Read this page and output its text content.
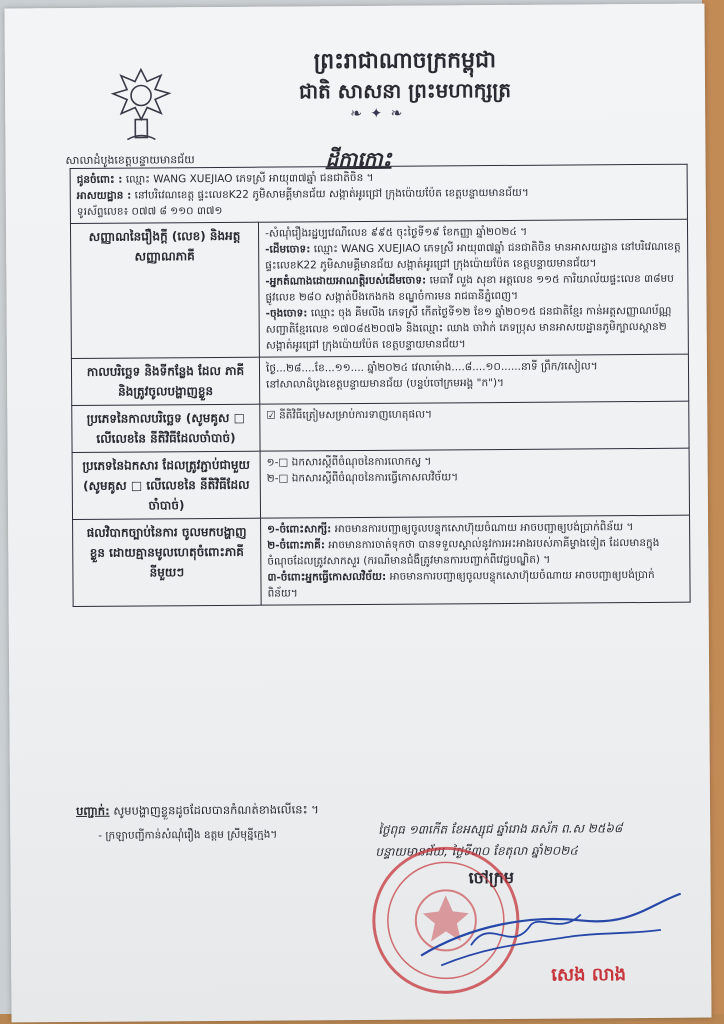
ព្រះរាជាណាចក្រកម្ពុជា
ជាតិ សាសនា ព្រះមហាក្សត្រ
❧ ✦ ❧
សាលាដំបូងខេត្តបន្ទាយមានជ័យ	ដីកាកោះ
ជូនចំពោះ : ឈ្មោះ WANG XUEJIAO ភេទស្រី អាយុ៣៧ឆ្នាំ ជនជាតិចិន ។
អាសយដ្ឋាន : នៅបរិវេណខេត្ត ផ្ទះលេខK22 ភូមិសាមគ្គីមានជ័យ សង្កាត់អូរជ្រៅ ក្រុងប៉ោយប៉ែត ខេត្តបន្ទាយមានជ័យ។
ទូរស័ព្ទលេខ៖ ០៧៧ ៨ ១១០ ៣៧១	

សញ្ញាណនៃរឿងក្តី (លេខ) និងអត្តសញ្ញាណភាគី	-សំណុំរឿងរដ្ឋប្បវេណីលេខ ៩៩៥ ចុះថ្ងៃទី១៩ ខែកញ្ញា ឆ្នាំ២០២៤ ។
-ដើមចោទ: ឈ្មោះ WANG XUEJIAO ភេទស្រី អាយុ៣៧ឆ្នាំ ជនជាតិចិន មានអាសយដ្ឋាន នៅបរិវេណខេត្ត ផ្ទះលេខK22 ភូមិសាមគ្គីមានជ័យ សង្កាត់អូរជ្រៅ ក្រុងប៉ោយប៉ែត ខេត្តបន្ទាយមានជ័យ។
-អ្នកតំណាងដោយអាណត្តិរបស់ដើមចោទ: មេធាវី លួង សុខា អត្តលេខ ១១៥ ការិយាល័យផ្ទះលេខ ៣៨មប ផ្លូវលេខ ២៨០ សង្កាត់បឹងកេងកង ខណ្ឌចំការមន រាជធានីភ្នំពេញ។
-ចុងចោទ: ឈ្មោះ ចុង គីមលីង ភេទស្រី កើតថ្ងៃទី១២ ខែ១ ឆ្នាំ២០១៥ ជនជាតិខ្មែរ កាន់អត្តសញ្ញាណប័ណ្ណសញ្ជាតិខ្មែរលេខ ១៧០៨៥២០៧៦ និងឈ្មោះ ឈាង ចាវ៉ាក់ ភេទប្រុស មានអាសយដ្ឋានភូមិក្បាលស្ពាន២ សង្កាត់អូរជ្រៅ ក្រុងប៉ោយប៉ែត ខេត្តបន្ទាយមានជ័យ។

កាលបរិច្ឆេទ និងទីកន្លែង ដែល ភាគី និងត្រូវចូលបង្ហាញខ្លួន	ថ្ងៃ...២៨....ខែ...១១.... ឆ្នាំ២០២៤ វេលាម៉ោង....៨....១០......នាទី ព្រឹក/រសៀល។
នៅសាលាដំបូងខេត្តបន្ទាយមានជ័យ (បន្ទប់ចៅក្រមអង្គ "ក")។

ប្រភេទនៃកាលបរិច្ឆេទ (សូមគូស □ លើលេខនៃ នីតិវិធីដែលចាំបាច់)	☑ នីតិវិធីត្រៀមសម្រាប់ការទាញហេតុផល។

ប្រភេទនៃឯកសារ ដែលត្រូវភ្ជាប់ជាមួយ (សូមគូស □ លើលេខនៃ នីតិវិធីដែលចាំបាច់)	១-□ ឯកសារស្តីពីចំណុចនៃការលោកស្វ ។
២-□ ឯកសារស្តីពីចំណុចនៃការធ្វើកោសលវិច័យ។

ផលវិបាកច្បាប់នៃការ ចូលមកបង្ហាញខ្លួន ដោយគ្មានមូលហេតុចំពោះភាគីនីមួយៗ	១-ចំពោះសាក្សី: អាចមានការបញ្ជាឲ្យចូលបន្ទុកសោហ៊ុយចំណាយ អាចបញ្ជាឲ្យបង់ប្រាក់ពិន័យ ។
២-ចំពោះភាគី: អាចមានការចាត់ទុកថា បានទទួលស្គាល់នូវការអះអាងរបស់ភាគីម្ខាងទៀត ដែលមានក្នុងចំណុចដែលត្រូវសាកសួរ (ករណីមានជំងឺត្រូវមានការបញ្ជាក់ពីវេជ្ជបណ្ឌិត) ។
៣-ចំពោះអ្នកធ្វើកោសលវិច័យ: អាចមានការបញ្ជាឲ្យចូលបន្ទុកសោហ៊ុយចំណាយ អាចបញ្ជាឲ្យបង់ប្រាក់ពិន័យ។
បញ្ជាក់: សូមបង្ហាញខ្លួនដូចដែលបានកំណត់ខាងលើនេះ ។
ថ្ងៃពុធ ១៣កើត ខែអស្សុជ ឆ្នាំរោង ឆស័ក ព.ស ២៥៦៨
- ក្រឡាបញ្ជីកាន់សំណុំរឿង ឧត្តម ស្រីមុន្នីក្មេង។
បន្ទាយមានជ័យ, ថ្ងៃទី៣០ ខែតុលា ឆ្នាំ២០២៤
ចៅក្រម
សេង លាង
